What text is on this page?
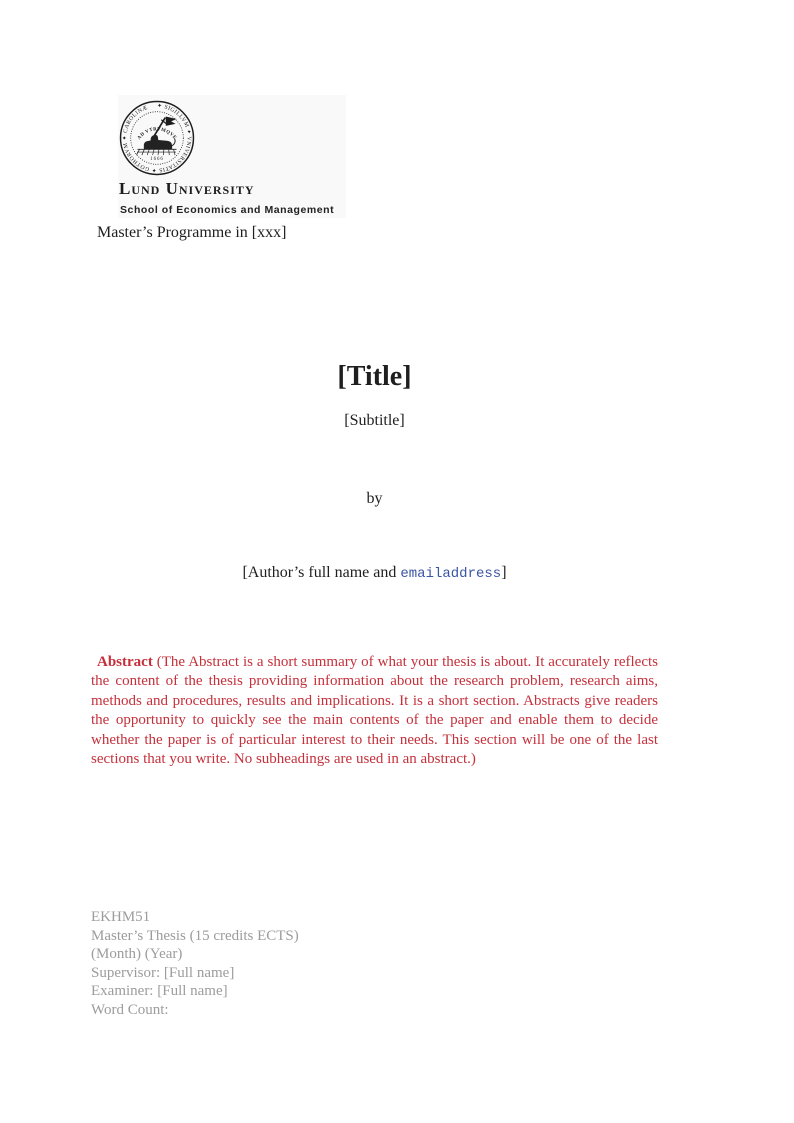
✦ SIGILLVM ✦ VNIVERSITATIS ✦ GOTHORVM ✦ CAROLINÆ
AD VTRVMQVE
1666
Lund University
School of Economics and Management
Master’s Programme in [xxx]
[Title]
[Subtitle]
by
[Author’s full name and emailaddress]

Abstract (The Abstract is a short summary of what your thesis is about. It accurately reflects the content of the thesis providing information about the research problem, research aims, methods and procedures, results and implications. It is a short section. Abstracts give readers the opportunity to quickly see the main contents of the paper and enable them to decide whether the paper is of particular interest to their needs. This section will be one of the last sections that you write. No subheadings are used in an abstract.)

EKHM51
Master’s Thesis (15 credits ECTS)
(Month) (Year)
Supervisor: [Full name]
Examiner: [Full name]
Word Count:
